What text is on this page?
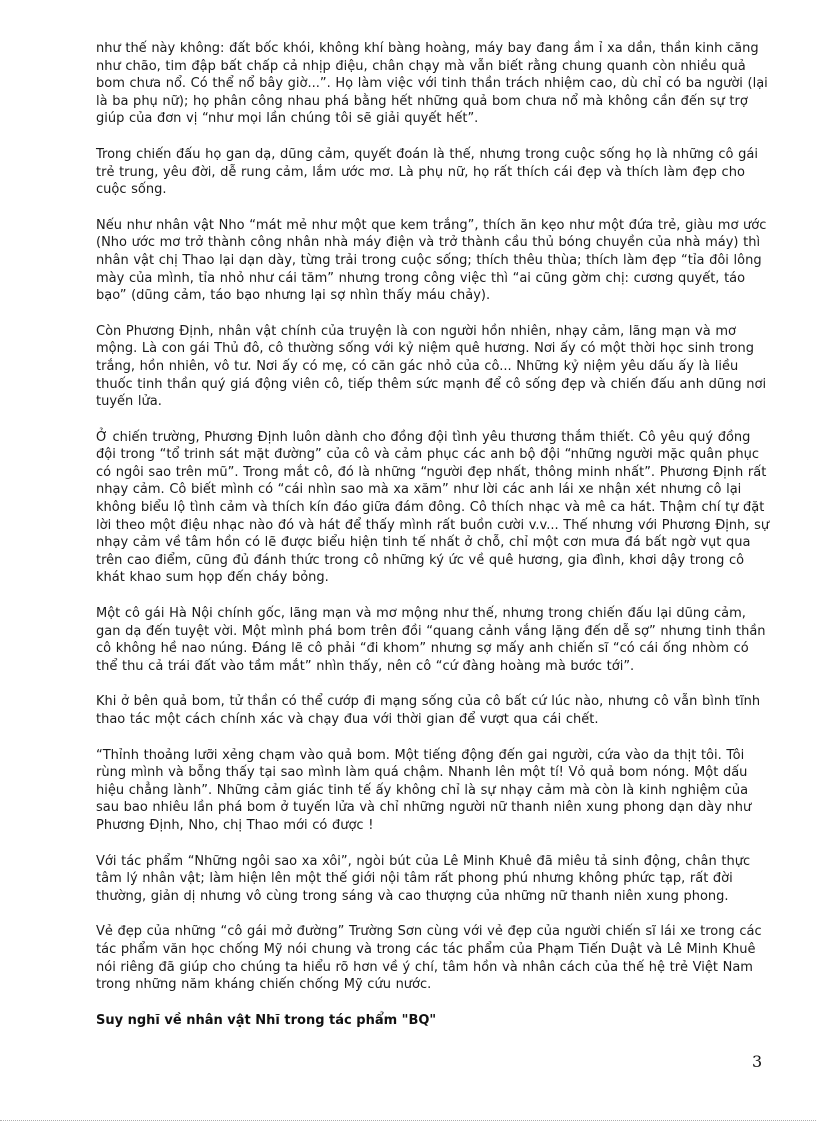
như thế này không: đất bốc khói, không khí bàng hoàng, máy bay đang ầm ỉ xa dần, thần kinh căng như chão, tim đập bất chấp cả nhịp điệu, chân chạy mà vẫn biết rằng chung quanh còn nhiều quả bom chưa nổ. Có thể nổ bây giờ...”. Họ làm việc với tinh thần trách nhiệm cao, dù chỉ có ba người (lại là ba phụ nữ); họ phân công nhau phá bằng hết những quả bom chưa nổ mà không cần đến sự trợ giúp của đơn vị “như mọi lần chúng tôi sẽ giải quyết hết”.

Trong chiến đấu họ gan dạ, dũng cảm, quyết đoán là thế, nhưng trong cuộc sống họ là những cô gái trẻ trung, yêu đời, dễ rung cảm, lắm ước mơ. Là phụ nữ, họ rất thích cái đẹp và thích làm đẹp cho cuộc sống.

Nếu như nhân vật Nho “mát mẻ như một que kem trắng”, thích ăn kẹo như một đứa trẻ, giàu mơ ước (Nho ước mơ trở thành công nhân nhà máy điện và trở thành cầu thủ bóng chuyền của nhà máy) thì nhân vật chị Thao lại dạn dày, từng trải trong cuộc sống; thích thêu thùa; thích làm đẹp “tỉa đôi lông mày của mình, tỉa nhỏ như cái tăm” nhưng trong công việc thì “ai cũng gờm chị: cương quyết, táo bạo” (dũng cảm, táo bạo nhưng lại sợ nhìn thấy máu chảy).

Còn Phương Định, nhân vật chính của truyện là con người hồn nhiên, nhạy cảm, lãng mạn và mơ mộng. Là con gái Thủ đô, cô thường sống với kỷ niệm quê hương. Nơi ấy có một thời học sinh trong trắng, hồn nhiên, vô tư. Nơi ấy có mẹ, có căn gác nhỏ của cô... Những kỷ niệm yêu dấu ấy là liều thuốc tinh thần quý giá động viên cô, tiếp thêm sức mạnh để cô sống đẹp và chiến đấu anh dũng nơi tuyến lửa.

Ở chiến trường, Phương Định luôn dành cho đồng đội tình yêu thương thắm thiết. Cô yêu quý đồng đội trong “tổ trinh sát mặt đường” của cô và cảm phục các anh bộ đội “những người mặc quân phục có ngôi sao trên mũ”. Trong mắt cô, đó là những “người đẹp nhất, thông minh nhất”. Phương Định rất nhạy cảm. Cô biết mình có “cái nhìn sao mà xa xăm” như lời các anh lái xe nhận xét nhưng cô lại không biểu lộ tình cảm và thích kín đáo giữa đám đông. Cô thích nhạc và mê ca hát. Thậm chí tự đặt lời theo một điệu nhạc nào đó và hát để thấy mình rất buồn cười v.v... Thế nhưng với Phương Định, sự nhạy cảm về tâm hồn có lẽ được biểu hiện tinh tế nhất ở chỗ, chỉ một cơn mưa đá bất ngờ vụt qua trên cao điểm, cũng đủ đánh thức trong cô những ký ức về quê hương, gia đình, khơi dậy trong cô khát khao sum họp đến cháy bỏng.

Một cô gái Hà Nội chính gốc, lãng mạn và mơ mộng như thế, nhưng trong chiến đấu lại dũng cảm, gan dạ đến tuyệt vời. Một mình phá bom trên đồi “quang cảnh vắng lặng đến dễ sợ” nhưng tinh thần cô không hề nao núng. Đáng lẽ cô phải “đi khom” nhưng sợ mấy anh chiến sĩ “có cái ống nhòm có thể thu cả trái đất vào tầm mắt” nhìn thấy, nên cô “cứ đàng hoàng mà bước tới”.

Khi ở bên quả bom, tử thần có thể cướp đi mạng sống của cô bất cứ lúc nào, nhưng cô vẫn bình tĩnh thao tác một cách chính xác và chạy đua với thời gian để vượt qua cái chết.

“Thỉnh thoảng lưỡi xẻng chạm vào quả bom. Một tiếng động đến gai người, cứa vào da thịt tôi. Tôi rùng mình và bỗng thấy tại sao mình làm quá chậm. Nhanh lên một tí! Vỏ quả bom nóng. Một dấu hiệu chẳng lành”. Những cảm giác tinh tế ấy không chỉ là sự nhạy cảm mà còn là kinh nghiệm của sau bao nhiêu lần phá bom ở tuyến lửa và chỉ những người nữ thanh niên xung phong dạn dày như Phương Định, Nho, chị Thao mới có được !

Với tác phẩm “Những ngôi sao xa xôi”, ngòi bút của Lê Minh Khuê đã miêu tả sinh động, chân thực tâm lý nhân vật; làm hiện lên một thế giới nội tâm rất phong phú nhưng không phức tạp, rất đời thường, giản dị nhưng vô cùng trong sáng và cao thượng của những nữ thanh niên xung phong.

Vẻ đẹp của những “cô gái mở đường” Trường Sơn cùng với vẻ đẹp của người chiến sĩ lái xe trong các tác phẩm văn học chống Mỹ nói chung và trong các tác phẩm của Phạm Tiến Duật và Lê Minh Khuê nói riêng đã giúp cho chúng ta hiểu rõ hơn về ý chí, tâm hồn và nhân cách của thế hệ trẻ Việt Nam trong những năm kháng chiến chống Mỹ cứu nước.

Suy nghĩ về nhân vật Nhĩ trong tác phẩm "BQ"

3
